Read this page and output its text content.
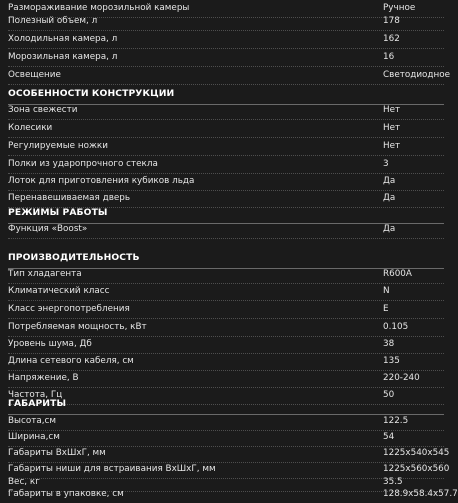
Размораживание морозильной камеры	Ручное
Полезный объем, л	178
Холодильная камера, л	162
Морозильная камера, л	16
Освещение	Светодиодное
ОСОБЕННОСТИ КОНСТРУКЦИИ
Зона свежести	Нет
Колесики	Нет
Регулируемые ножки	Нет
Полки из ударопрочного стекла	3
Лоток для приготовления кубиков льда	Да
Перенавешиваемая дверь	Да
РЕЖИМЫ РАБОТЫ
Функция «Boost»	Да
ПРОИЗВОДИТЕЛЬНОСТЬ
Тип хладагента	R600A
Климатический класс	N
Класс энергопотребления	E
Потребляемая мощность, кВт	0.105
Уровень шума, Дб	38
Длина сетевого кабеля, см	135
Напряжение, В	220-240
Частота, Гц	50
ГАБАРИТЫ
Высота,см	122.5
Ширина,см	54
Габариты ВхШхГ, мм	1225х540х545
Габариты ниши для встраивания ВхШхГ, мм	1225х560х560
Вес, кг	35.5
Габариты в упаковке, см	128.9х58.4х57.7
